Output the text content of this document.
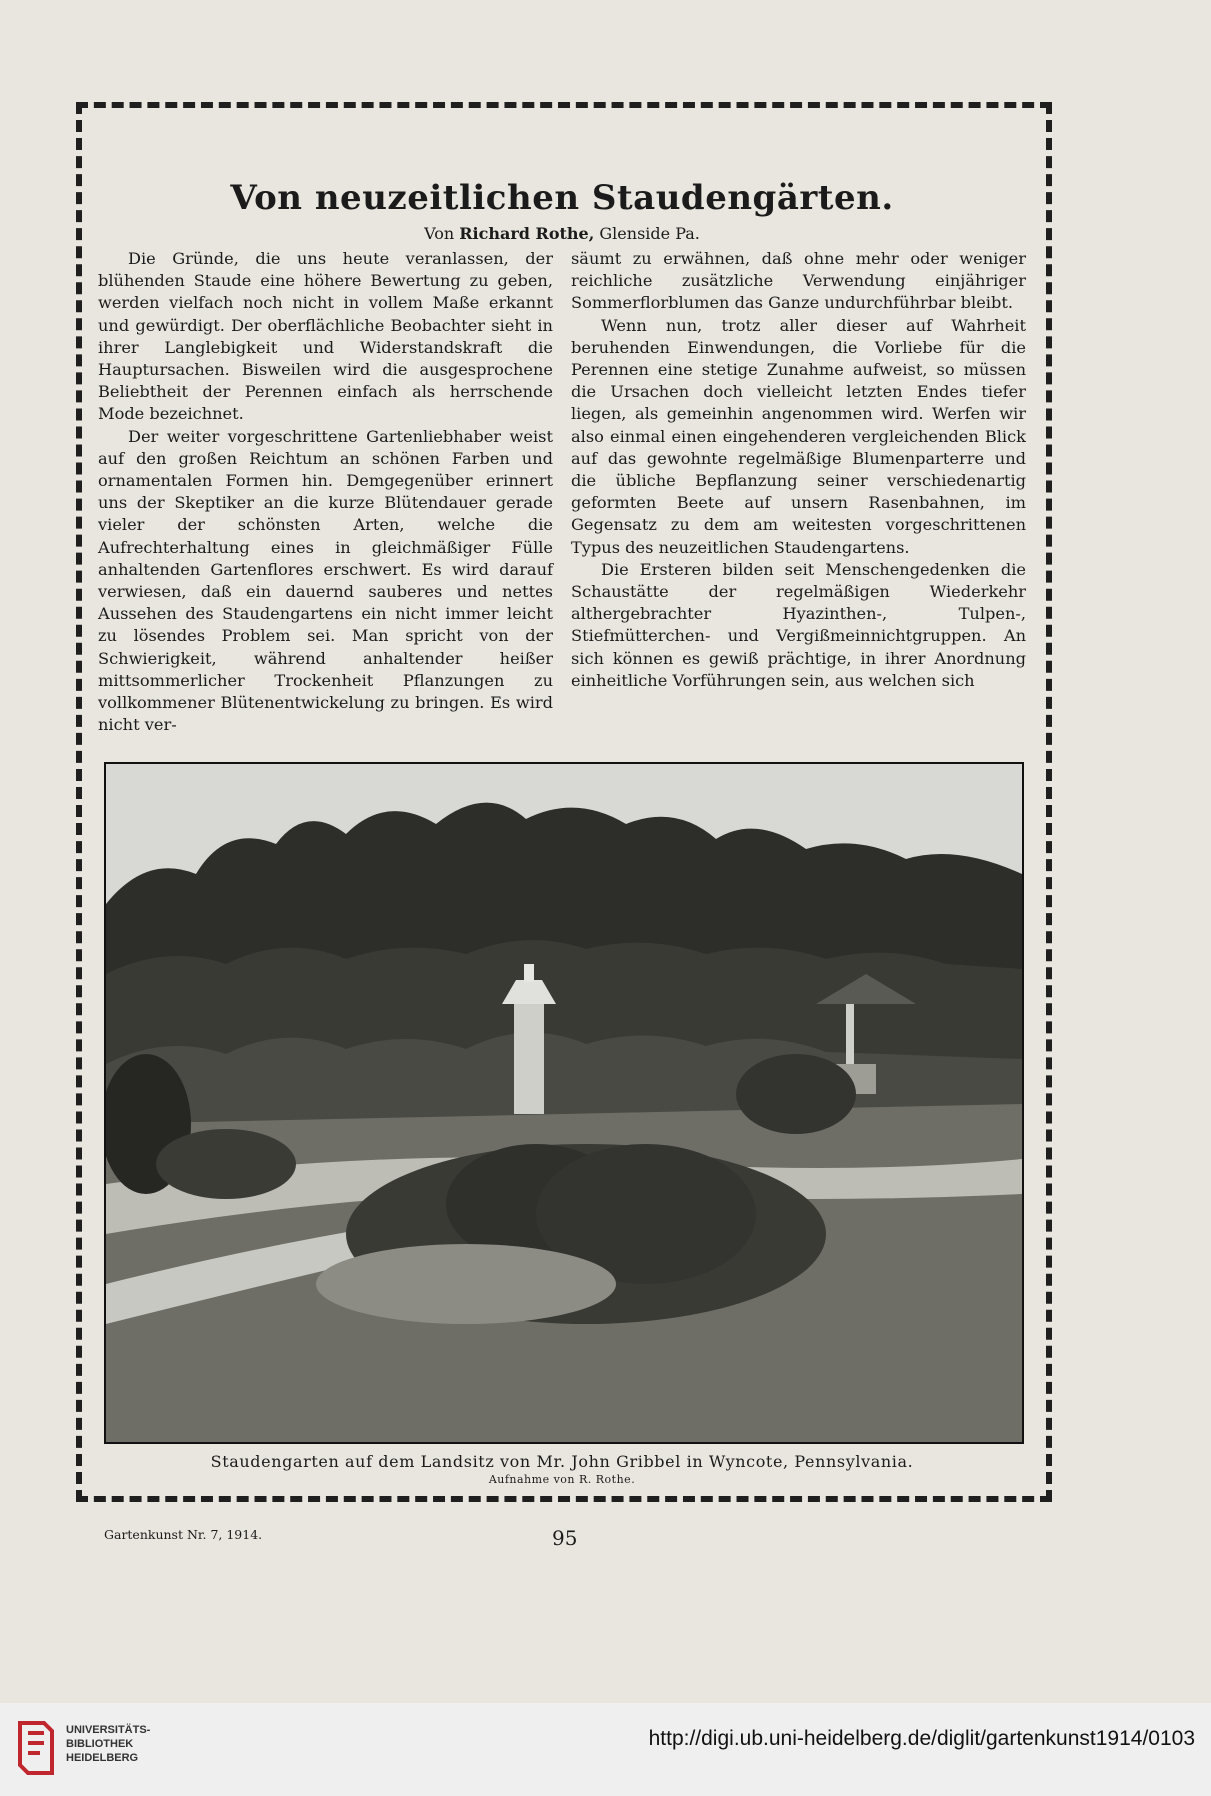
Von neuzeitlichen Staudengärten.
Von Richard Rothe, Glenside Pa.

Die Gründe, die uns heute veranlassen, der blühenden Staude eine höhere Bewertung zu geben, werden vielfach noch nicht in vollem Maße erkannt und gewürdigt. Der oberflächliche Beobachter sieht in ihrer Langlebigkeit und Widerstandskraft die Hauptursachen. Bisweilen wird die ausgesprochene Beliebtheit der Perennen einfach als herrschende Mode bezeichnet.

Der weiter vorgeschrittene Gartenliebhaber weist auf den großen Reichtum an schönen Farben und ornamentalen Formen hin. Demgegenüber erinnert uns der Skeptiker an die kurze Blütendauer gerade vieler der schönsten Arten, welche die Aufrechterhaltung eines in gleichmäßiger Fülle anhaltenden Gartenflores erschwert. Es wird darauf verwiesen, daß ein dauernd sauberes und nettes Aussehen des Staudengartens ein nicht immer leicht zu lösendes Problem sei. Man spricht von der Schwierigkeit, während anhaltender heißer mittsommerlicher Trockenheit Pflanzungen zu vollkommener Blütenentwickelung zu bringen. Es wird nicht ver-

säumt zu erwähnen, daß ohne mehr oder weniger reichliche zusätzliche Verwendung einjähriger Sommerflorblumen das Ganze undurchführbar bleibt.

Wenn nun, trotz aller dieser auf Wahrheit beruhenden Einwendungen, die Vorliebe für die Perennen eine stetige Zunahme aufweist, so müssen die Ursachen doch vielleicht letzten Endes tiefer liegen, als gemeinhin angenommen wird. Werfen wir also einmal einen eingehenderen vergleichenden Blick auf das gewohnte regelmäßige Blumenparterre und die übliche Bepflanzung seiner verschiedenartig geformten Beete auf unsern Rasenbahnen, im Gegensatz zu dem am weitesten vorgeschrittenen Typus des neuzeitlichen Staudengartens.

Die Ersteren bilden seit Menschengedenken die Schaustätte der regelmäßigen Wiederkehr althergebrachter Hyazinthen-, Tulpen-, Stiefmütterchen- und Vergißmeinnichtgruppen. An sich können es gewiß prächtige, in ihrer Anordnung einheitliche Vorführungen sein, aus welchen sich

Staudengarten auf dem Landsitz von Mr. John Gribbel in Wyncote, Pennsylvania.
Aufnahme von R. Rothe.
Gartenkunst Nr. 7, 1914.	95
UNIVERSITÄTS-
BIBLIOTHEK
HEIDELBERG
http://digi.ub.uni-heidelberg.de/diglit/gartenkunst1914/0103
